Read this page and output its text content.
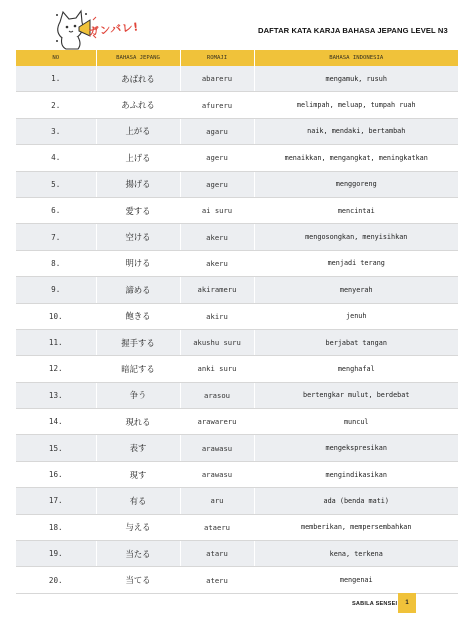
ガンバレ!	DAFTAR KATA KARJA BAHASA JEPANG LEVEL N3
NO	BAHASA JEPANG	ROMAJI	BAHASA INDONESIA
1.	あばれる	abareru	mengamuk, rusuh
2.	あふれる	afureru	melimpah, meluap, tumpah ruah
3.	上がる	agaru	naik, mendaki, bertambah
4.	上げる	ageru	menaikkan, mengangkat, meningkatkan
5.	揚げる	ageru	menggoreng
6.	愛する	ai suru	mencintai
7.	空ける	akeru	mengosongkan, menyisihkan
8.	明ける	akeru	menjadi terang
9.	諦める	akirameru	menyerah
10.	飽きる	akiru	jenuh
11.	握手する	akushu suru	berjabat tangan
12.	暗記する	anki suru	menghafal
13.	争う	arasou	bertengkar mulut, berdebat
14.	現れる	arawareru	muncul
15.	表す	arawasu	mengekspresikan
16.	現す	arawasu	mengindikasikan
17.	有る	aru	ada (benda mati)
18.	与える	ataeru	memberikan, mempersembahkan
19.	当たる	ataru	kena, terkena
20.	当てる	ateru	mengenai
SABILA SENSEI	1
